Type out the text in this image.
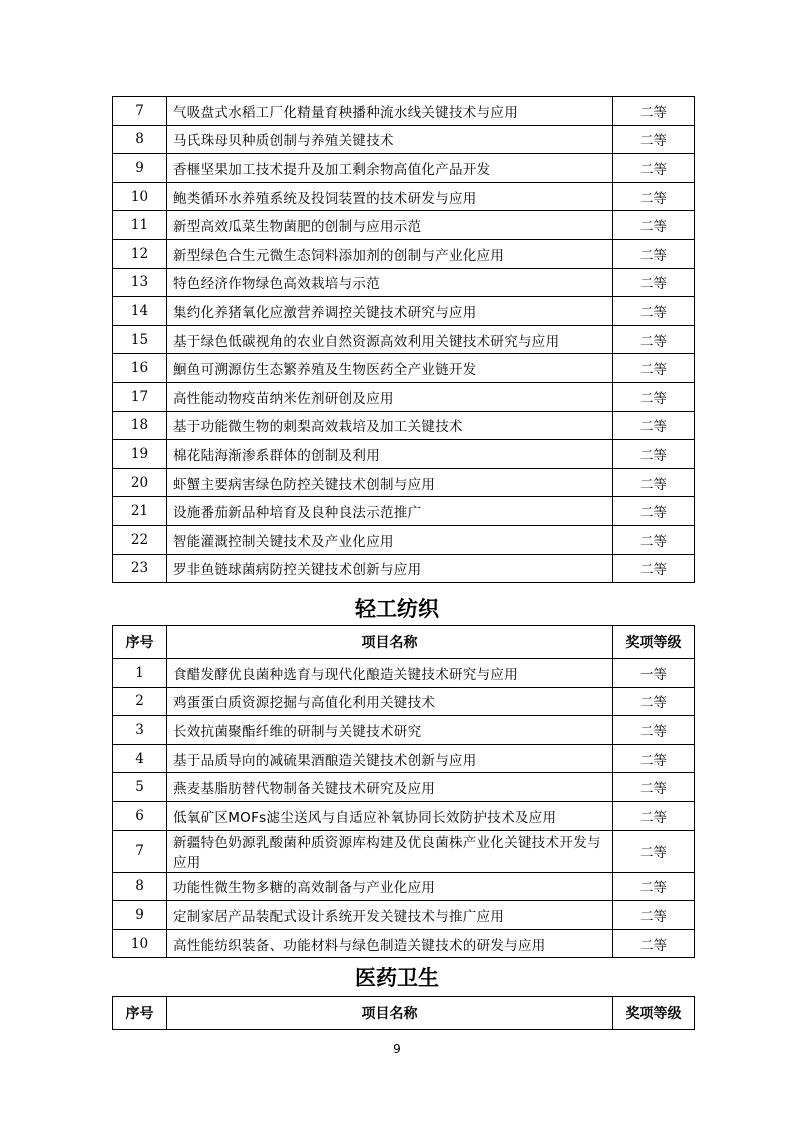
7	气吸盘式水稻工厂化精量育秧播种流水线关键技术与应用	二等
8	马氏珠母贝种质创制与养殖关键技术	二等
9	香榧坚果加工技术提升及加工剩余物高值化产品开发	二等
10	鲍类循环水养殖系统及投饲装置的技术研发与应用	二等
11	新型高效瓜菜生物菌肥的创制与应用示范	二等
12	新型绿色合生元微生态饲料添加剂的创制与产业化应用	二等
13	特色经济作物绿色高效栽培与示范	二等
14	集约化养猪氧化应激营养调控关键技术研究与应用	二等
15	基于绿色低碳视角的农业自然资源高效利用关键技术研究与应用	二等
16	鮰鱼可溯源仿生态繁养殖及生物医药全产业链开发	二等
17	高性能动物疫苗纳米佐剂研创及应用	二等
18	基于功能微生物的刺梨高效栽培及加工关键技术	二等
19	棉花陆海渐渗系群体的创制及利用	二等
20	虾蟹主要病害绿色防控关键技术创制与应用	二等
21	设施番茄新品种培育及良种良法示范推广	二等
22	智能灌溉控制关键技术及产业化应用	二等
23	罗非鱼链球菌病防控关键技术创新与应用	二等
轻工纺织
序号	项目名称	奖项等级
1	食醋发酵优良菌种选育与现代化酿造关键技术研究与应用	一等
2	鸡蛋蛋白质资源挖掘与高值化利用关键技术	二等
3	长效抗菌聚酯纤维的研制与关键技术研究	二等
4	基于品质导向的减硫果酒酿造关键技术创新与应用	二等
5	燕麦基脂肪替代物制备关键技术研究及应用	二等
6	低氧矿区MOFs滤尘送风与自适应补氧协同长效防护技术及应用	二等
7	新疆特色奶源乳酸菌种质资源库构建及优良菌株产业化关键技术开发与应用	二等
8	功能性微生物多糖的高效制备与产业化应用	二等
9	定制家居产品装配式设计系统开发关键技术与推广应用	二等
10	高性能纺织装备、功能材料与绿色制造关键技术的研发与应用	二等
医药卫生
序号	项目名称	奖项等级
9
